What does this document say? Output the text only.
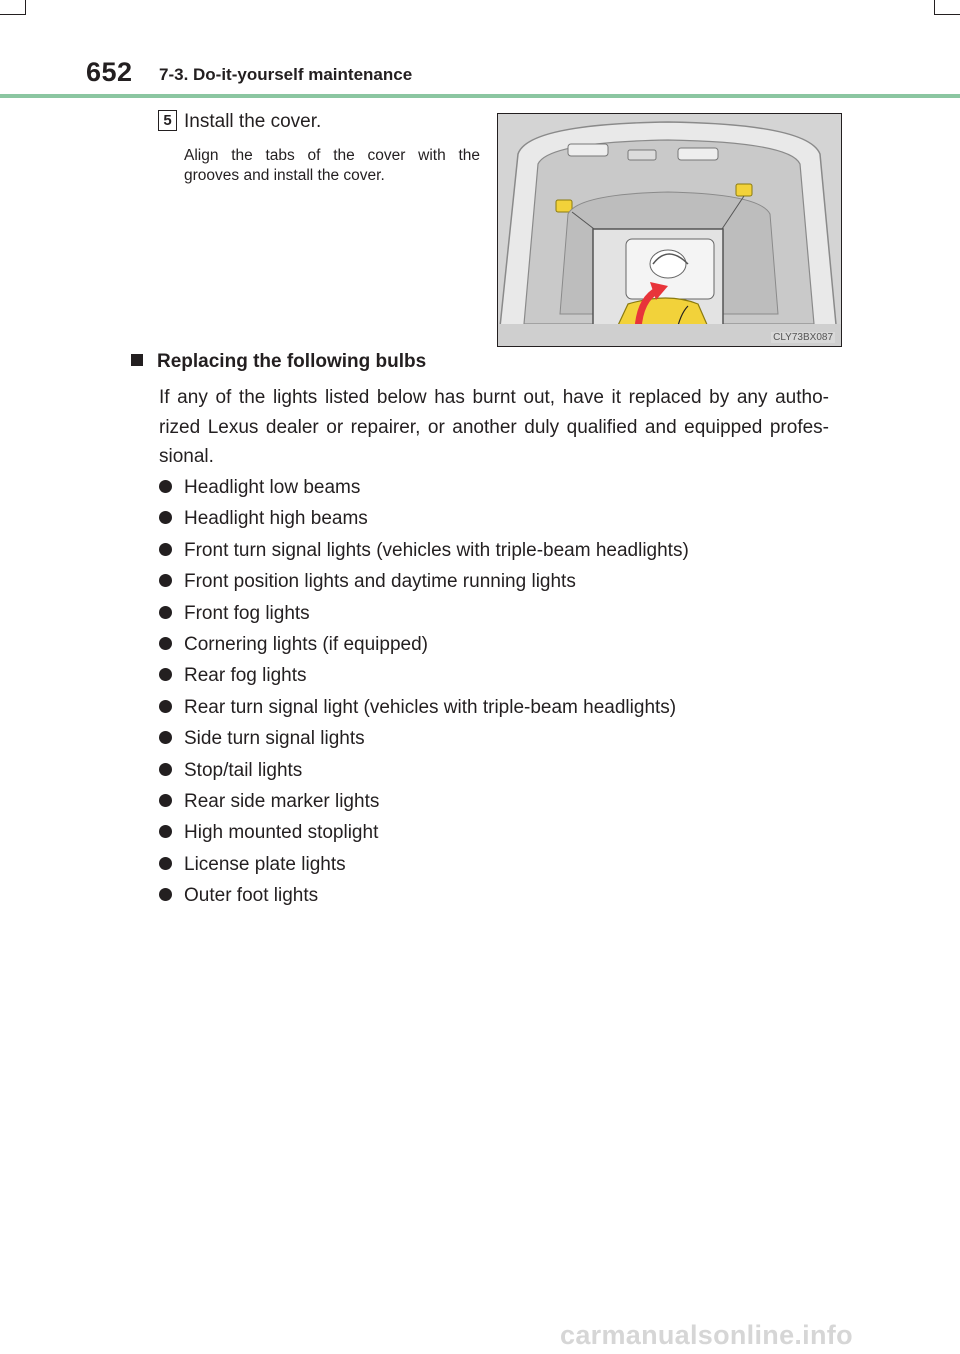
652 7-3. Do-it-yourself maintenance
5 Install the cover.
Align the tabs of the cover with the grooves and install the cover.
CLY73BX087
Replacing the following bulbs
If any of the lights listed below has burnt out, have it replaced by any autho- rized Lexus dealer or repairer, or another duly qualified and equipped profes- sional.
Headlight low beams
Headlight high beams
Front turn signal lights (vehicles with triple-beam headlights)
Front position lights and daytime running lights
Front fog lights
Cornering lights (if equipped)
Rear fog lights
Rear turn signal light (vehicles with triple-beam headlights)
Side turn signal lights
Stop/tail lights
Rear side marker lights
High mounted stoplight
License plate lights
Outer foot lights
carmanualsonline.info
